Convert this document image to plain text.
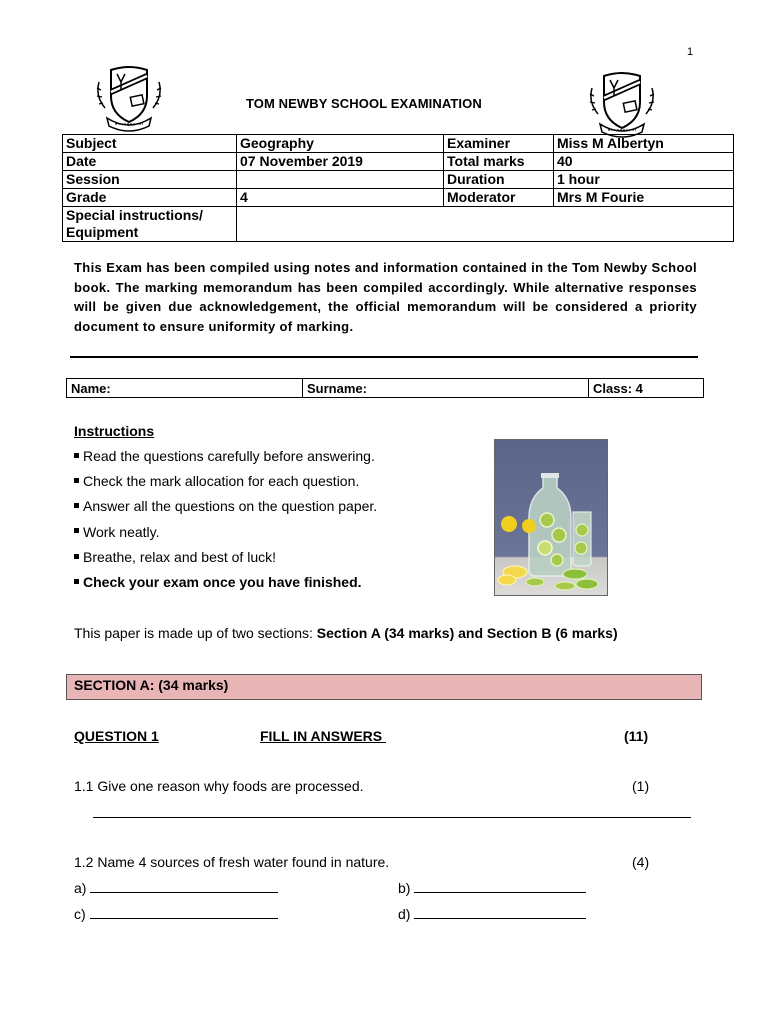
1
TOM NEWBY SCHOOL EXAMINATION
Subject	Geography	Examiner	Miss M Albertyn
Date	07 November 2019	Total marks	40
Session		Duration	1 hour
Grade	4	Moderator	Mrs M Fourie
Special instructions/ Equipment			
This Exam has been compiled using notes and information contained in the Tom Newby School book. The marking memorandum has been compiled accordingly. While alternative responses will be given due acknowledgement, the official memorandum will be considered a priority document to ensure uniformity of marking.
Name:	Surname:	Class: 4
Instructions
Read the questions carefully before answering.
Check the mark allocation for each question.
Answer all the questions on the question paper.
Work neatly.
Breathe, relax and best of luck!
Check your exam once you have finished.
This paper is made up of two sections: Section A (34 marks) and Section B (6 marks)
SECTION A: (34 marks)
QUESTION 1	FILL IN ANSWERS	(11)
1.1 Give one reason why foods are processed.	(1)
1.2 Name 4 sources of fresh water found in nature.	(4)
a)	b)
c)	d)
